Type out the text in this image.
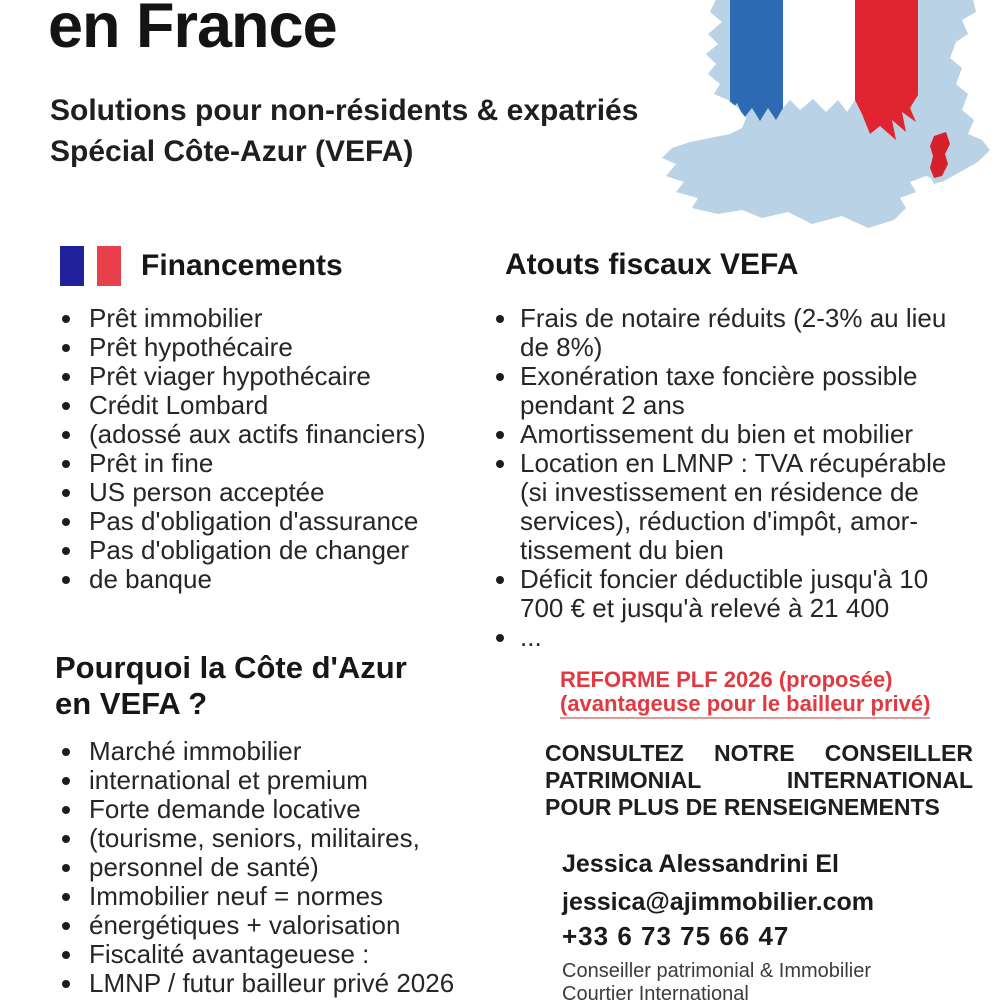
en France
Solutions pour non-résidents & expatriés
Spécial Côte-Azur (VEFA)
Financements
Prêt immobilier
Prêt hypothécaire
Prêt viager hypothécaire
Crédit Lombard
(adossé aux actifs financiers)
Prêt in fine
US person acceptée
Pas d'obligation d'assurance
Pas d'obligation de changer
de banque
Atouts fiscaux VEFA
Frais de notaire réduits (2-3% au lieu
de 8%)
Exonération taxe foncière possible
pendant 2 ans
Amortissement du bien et mobilier
Location en LMNP : TVA récupérable
(si investissement en résidence de
services), réduction d'impôt, amor-
tissement du bien
Déficit foncier déductible jusqu'à 10
700 € et jusqu'à relevé à 21 400
...
Pourquoi la Côte d'Azur
en VEFA ?
Marché immobilier
international et premium
Forte demande locative
(tourisme, seniors, militaires,
personnel de santé)
Immobilier neuf = normes
énergétiques + valorisation
Fiscalité avantageuese :
LMNP / futur bailleur privé 2026
REFORME PLF 2026 (proposée)
(avantageuse pour le bailleur privé)
CONSULTEZ NOTRE CONSEILLER
PATRIMONIAL INTERNATIONAL
POUR PLUS DE RENSEIGNEMENTS
Jessica Alessandrini El
jessica@ajimmobilier.com
+33 6 73 75 66 47
Conseiller patrimonial & Immobilier
Courtier International
